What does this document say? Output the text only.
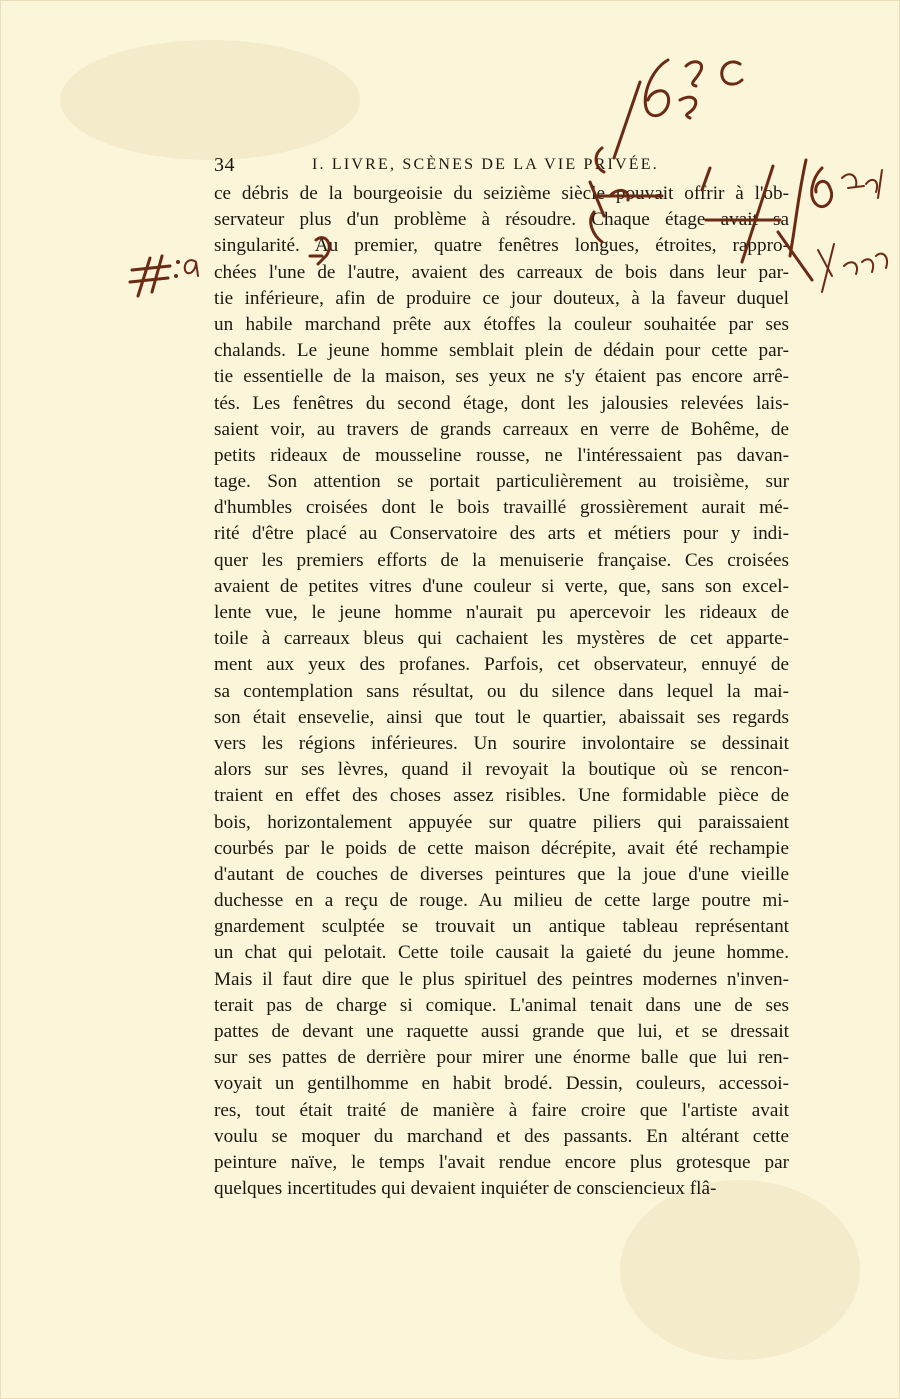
34	I. LIVRE, SCÈNES DE LA VIE PRIVÉE.
ce débris de la bourgeoisie du seizième siècle pouvait offrir à l'ob-
servateur plus d'un problème à résoudre. Chaque étage avait sa
singularité. Au premier, quatre fenêtres longues, étroites, rappro-
chées l'une de l'autre, avaient des carreaux de bois dans leur par-
tie inférieure, afin de produire ce jour douteux, à la faveur duquel
un habile marchand prête aux étoffes la couleur souhaitée par ses
chalands. Le jeune homme semblait plein de dédain pour cette par-
tie essentielle de la maison, ses yeux ne s'y étaient pas encore arrê-
tés. Les fenêtres du second étage, dont les jalousies relevées lais-
saient voir, au travers de grands carreaux en verre de Bohême, de
petits rideaux de mousseline rousse, ne l'intéressaient pas davan-
tage. Son attention se portait particulièrement au troisième, sur
d'humbles croisées dont le bois travaillé grossièrement aurait mé-
rité d'être placé au Conservatoire des arts et métiers pour y indi-
quer les premiers efforts de la menuiserie française. Ces croisées
avaient de petites vitres d'une couleur si verte, que, sans son excel-
lente vue, le jeune homme n'aurait pu apercevoir les rideaux de
toile à carreaux bleus qui cachaient les mystères de cet apparte-
ment aux yeux des profanes. Parfois, cet observateur, ennuyé de
sa contemplation sans résultat, ou du silence dans lequel la mai-
son était ensevelie, ainsi que tout le quartier, abaissait ses regards
vers les régions inférieures. Un sourire involontaire se dessinait
alors sur ses lèvres, quand il revoyait la boutique où se rencon-
traient en effet des choses assez risibles. Une formidable pièce de
bois, horizontalement appuyée sur quatre piliers qui paraissaient
courbés par le poids de cette maison décrépite, avait été rechampie
d'autant de couches de diverses peintures que la joue d'une vieille
duchesse en a reçu de rouge. Au milieu de cette large poutre mi-
gnardement sculptée se trouvait un antique tableau représentant
un chat qui pelotait. Cette toile causait la gaieté du jeune homme.
Mais il faut dire que le plus spirituel des peintres modernes n'inven-
terait pas de charge si comique. L'animal tenait dans une de ses
pattes de devant une raquette aussi grande que lui, et se dressait
sur ses pattes de derrière pour mirer une énorme balle que lui ren-
voyait un gentilhomme en habit brodé. Dessin, couleurs, accessoi-
res, tout était traité de manière à faire croire que l'artiste avait
voulu se moquer du marchand et des passants. En altérant cette
peinture naïve, le temps l'avait rendue encore plus grotesque par
quelques incertitudes qui devaient inquiéter de consciencieux flâ-
